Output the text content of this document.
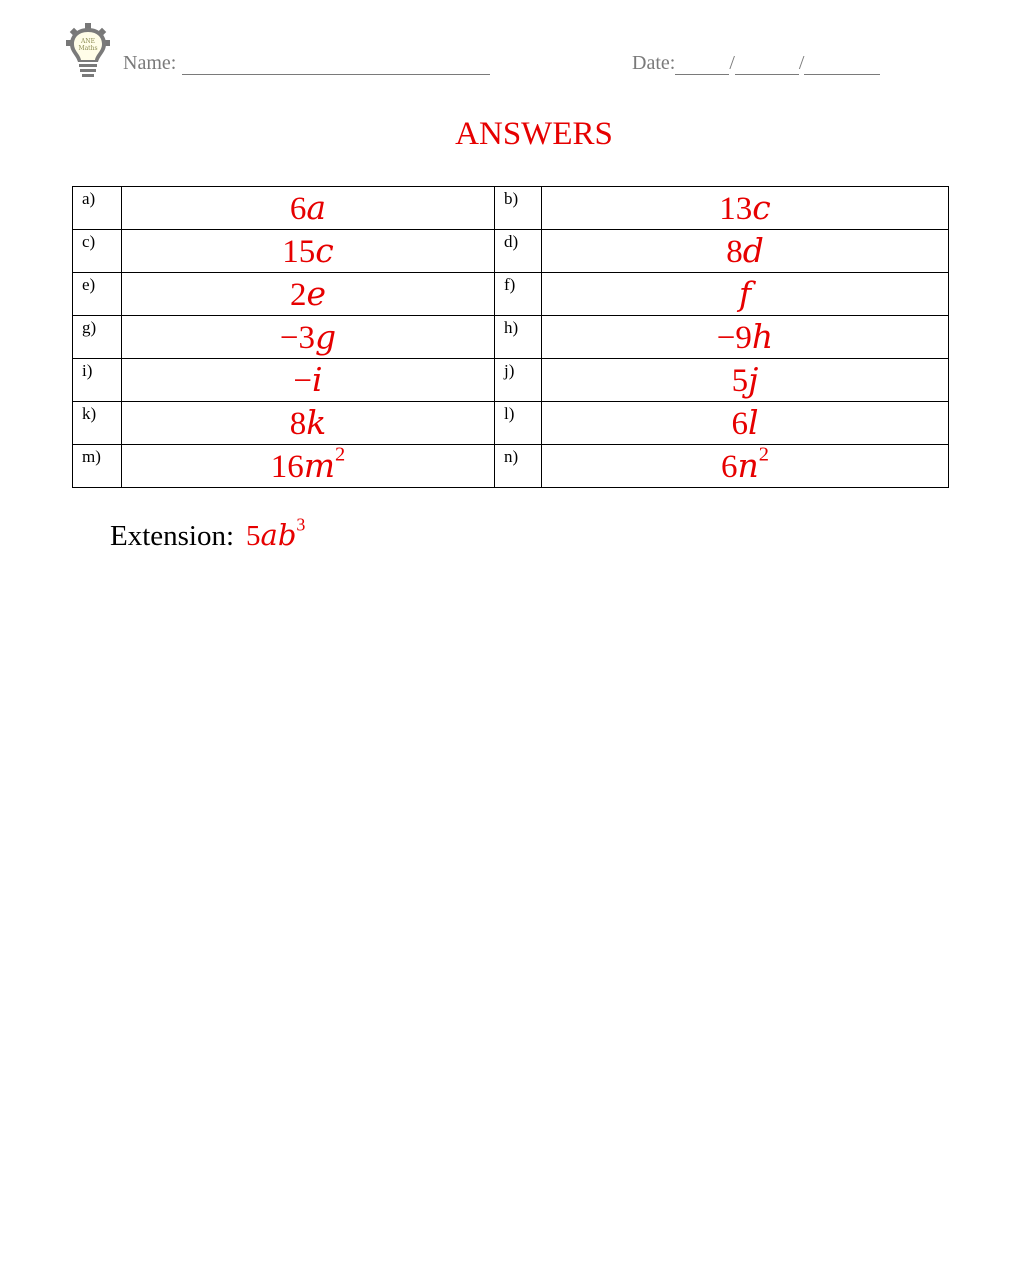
ANE
Maths
Name:	Date:	/	/
ANSWERS
a)	6a	b)	13c
c)	15c	d)	8d
e)	2e	f)	f
g)	−3g	h)	−9h
i)	−i	j)	5j
k)	8k	l)	6l
m)	$16m^2$	n)	$6n^2$
Extension: $5ab^3$
